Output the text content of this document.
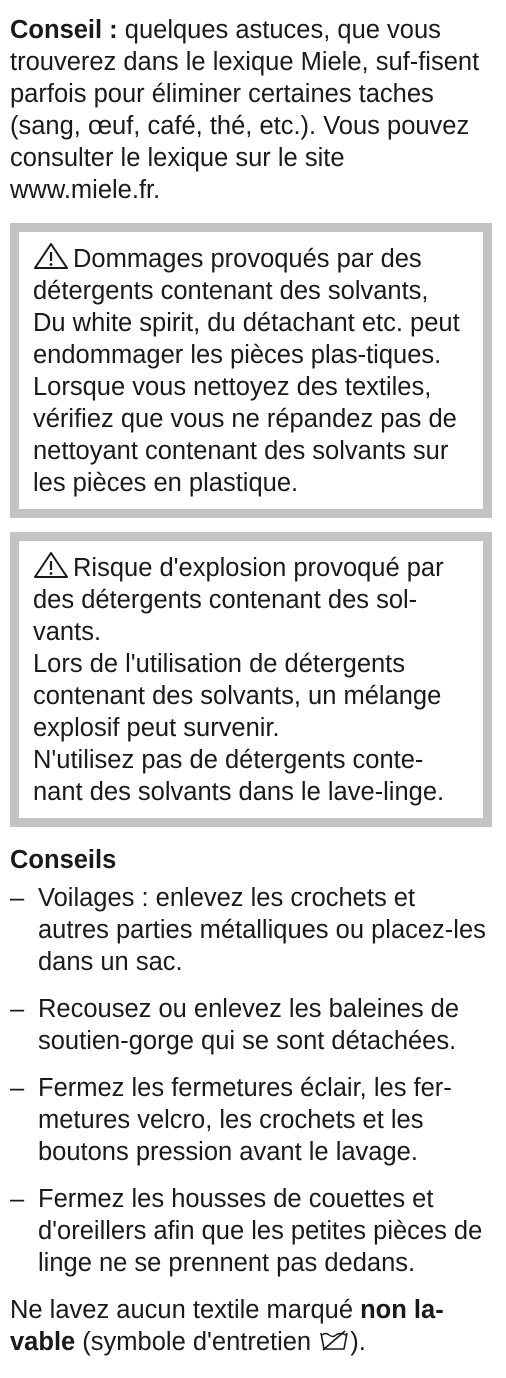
Conseil : quelques astuces, que vous trouverez dans le lexique Miele, suf-fisent parfois pour éliminer certaines taches (sang, œuf, café, thé, etc.). Vous pouvez consulter le lexique sur le site www.miele.fr.

Dommages provoqués par des détergents contenant des solvants,

Du white spirit, du détachant etc. peut endommager les pièces plas-tiques.

Lorsque vous nettoyez des textiles, vérifiez que vous ne répandez pas de nettoyant contenant des solvants sur les pièces en plastique.

Risque d'explosion provoqué par des détergents contenant des sol-vants.

Lors de l'utilisation de détergents contenant des solvants, un mélange explosif peut survenir.

N'utilisez pas de détergents conte-nant des solvants dans le lave-linge.

Conseils
– Voilages : enlevez les crochets et autres parties métalliques ou placez-les dans un sac.
– Recousez ou enlevez les baleines de soutien-gorge qui se sont détachées.
– Fermez les fermetures éclair, les fer-metures velcro, les crochets et les boutons pression avant le lavage.
– Fermez les housses de couettes et d'oreillers afin que les petites pièces de linge ne se prennent pas dedans.

Ne lavez aucun textile marqué non la-vable (symbole d'entretien ).
